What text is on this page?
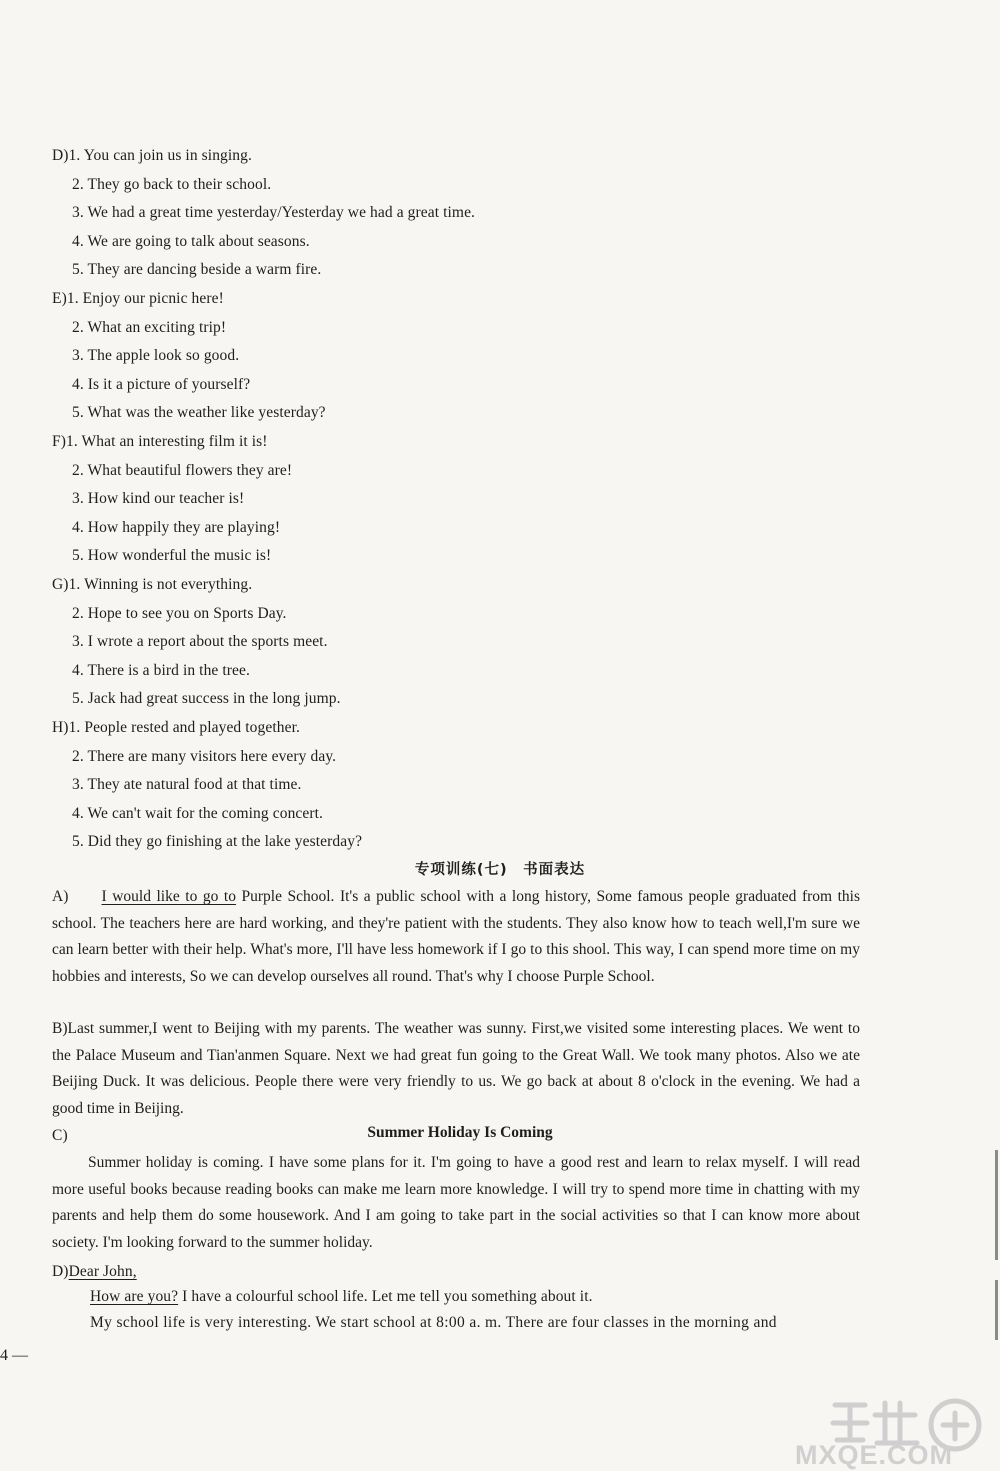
D)1. You can join us in singing.
2. They go back to their school.
3. We had a great time yesterday/Yesterday we had a great time.
4. We are going to talk about seasons.
5. They are dancing beside a warm fire.
E)1. Enjoy our picnic here!
2. What an exciting trip!
3. The apple look so good.
4. Is it a picture of yourself?
5. What was the weather like yesterday?
F)1. What an interesting film it is!
2. What beautiful flowers they are!
3. How kind our teacher is!
4. How happily they are playing!
5. How wonderful the music is!
G)1. Winning is not everything.
2. Hope to see you on Sports Day.
3. I wrote a report about the sports meet.
4. There is a bird in the tree.
5. Jack had great success in the long jump.
H)1. People rested and played together.
2. There are many visitors here every day.
3. They ate natural food at that time.
4. We can't wait for the coming concert.
5. Did they go finishing at the lake yesterday?
专项训练(七)　书面表达
A) I would like to go to Purple School. It's a public school with a long history, Some famous people graduated from this school. The teachers here are hard working, and they're patient with the students. They also know how to teach well,I'm sure we can learn better with their help. What's more, I'll have less homework if I go to this shool. This way, I can spend more time on my hobbies and interests, So we can develop ourselves all round. That's why I choose Purple School.
B)Last summer,I went to Beijing with my parents. The weather was sunny. First,we visited some interesting places. We went to the Palace Museum and Tian'anmen Square. Next we had great fun going to the Great Wall. We took many photos. Also we ate Beijing Duck. It was delicious. People there were very friendly to us. We go back at about 8 o'clock in the evening. We had a good time in Beijing.
C)	Summer Holiday Is Coming
Summer holiday is coming. I have some plans for it. I'm going to have a good rest and learn to relax myself. I will read more useful books because reading books can make me learn more knowledge. I will try to spend more time in chatting with my parents and help them do some housework. And I am going to take part in the social activities so that I can know more about society. I'm looking forward to the summer holiday.
D)Dear John,
How are you? I have a colourful school life. Let me tell you something about it.
My school life is very interesting. We start school at 8:00 a. m. There are four classes in the morning and
4 —
MXQE.COM
